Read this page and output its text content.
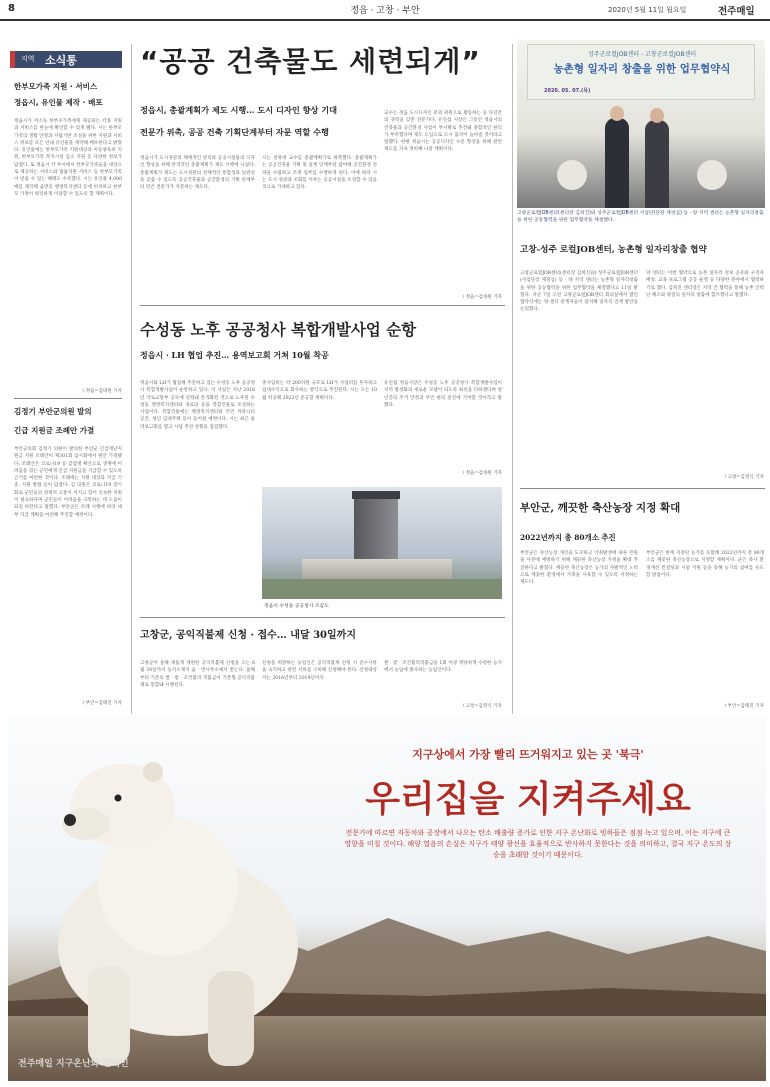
8	정읍 · 고창 · 부안	2020년 5월 11일 월요일	전주매일
지역 소식통
한부모가족 지원 · 서비스
정읍시, 유인물 제작 · 배포
정읍시가 저소득 한부모가족에게 제공되는 각종 지원과 서비스를 한눈에 확인할 수 있게 됐다. 시는 한부모가족의 생활 안정과 자립기반 조성을 위한 지원과 서비스 정보를 모은 안내 유인물을 제작해 배포한다고 밝혔다. 유인물에는 한부모가족 지원대상과 아동양육비 지원, 한부모가족 복지시설 입소 지원 등 다양한 정보가 담겼다. 또 정읍시 각 부서에서 한부모가족들을 대상으로 제공하는 서비스와 법률지원 서비스 등 한부모가족이 받을 수 있는 혜택도 수록했다. 시는 유인물 4,000매를 제작해 읍면동 행정복지센터 등에 비치하고 한부모 가정이 편리하게 이용할 수 있도록 할 계획이다.
/ 정읍=김대원 기자
김정기 부안군의원 발의
긴급 지원금 조례안 가결
부안군의회 김정기 의원이 발의한 부안군 긴급재난지원금 지원 조례안이 제301회 임시회에서 원안 가결됐다. 조례안은 코로나19 등 감염병 확산으로 생계에 어려움을 겪는 군민에게 긴급 지원금을 지급할 수 있도록 근거를 마련한 것이다. 조례에는 지원 대상과 지급 기준, 지원 방법 등이 담겼다. 김 의원은 코로나19 장기화로 군민들의 경제적 고통이 커지고 있어 신속한 지원이 필요하다며 군민들이 어려움을 극복하는 데 도움이 되길 바란다고 말했다. 부안군은 조례 시행에 따라 세부 지급 계획을 마련해 추진할 예정이다.
/ 부안=김태진 기자
“공공 건축물도 세련되게”
정읍시, 총괄계획가 제도 시행… 도시 디자인 향상 기대
전문가 위촉, 공공 건축 기획단계부터 자문 역할 수행
정읍시가 도시경관의 체계적인 관리와 공공시설물의 디자인 향상을 위해 본격적인 총괄계획가 제도 시행에 나섰다. 총괄계획가 제도는 도시경관의 전체적인 통합성과 일관성을 갖출 수 있도록 공공건축물과 공간환경의 기획 단계부터 민간 전문가가 자문하는 제도다.
시는 전북대 교수를 총괄계획가로 위촉했다. 총괄계획가는 공공건축물 기획 및 설계 단계부터 참여해 공간환경 전략을 수립하고 조정 업무를 수행하게 된다. 이에 따라 시는 도시 경관과 조화를 이루는 공공시설을 조성할 수 있을 것으로 기대하고 있다.
교수는 정읍 도시디자인 분과 위원으로 활동하는 등 다년간의 경력을 갖춘 전문가다. 유진섭 시장은 그동안 정읍시의 건축물과 공간환경 사업이 부서별로 추진돼 종합적인 관리가 부족했다며 제도 도입으로 도시 품격이 높아질 것이라고 말했다. 한편 정읍시는 공공디자인 수준 향상을 위해 관련 제도를 지속 정비해 나갈 계획이다.
/ 정읍=김대원 기자
성주군로컬JOB센터 - 고창군로컬JOB센터
농촌형 일자리 창출을 위한 업무협약식
2020. 05. 07.(목)
고창군로컬JOB센터(센터장 김희진)와 성주군로컬JOB센터 사업단(단장 제경심) 등 · 양 지역 센터는 농촌형 일자리창출을 위한 공동협력을 위한 업무협약을 체결했다.
고창-성주 로컬JOB센터, 농촌형 일자리창출 협약
고창군로컬JOB센터(센터장 김희진)와 성주군로컬JOB센터(사업단장 제경심) 등 · 양 지역 센터는 농촌형 일자리창출을 위한 공동협력을 위한 업무협약을 체결했다고 11일 밝혔다. 지난 7일 오전 고창군로컬JOB센터 회의실에서 열린 협약식에는 양 센터 관계자들이 참석해 일자리 연계 방안을 논의했다.
양 센터는 이번 협약으로 농촌 일자리 정보 공유와 구직자 매칭, 교육 프로그램 공동 운영 등 다양한 분야에서 협력하기로 했다. 김희진 센터장은 지역 간 협력을 통해 농촌 인력난 해소와 양질의 일자리 창출에 힘쓰겠다고 말했다.
/ 고창=김영식 기자
수성동 노후 공공청사 복합개발사업 순항
정읍시 · LH 협업 추진… 용역보고회 거쳐 10월 착공
정읍시와 LH가 협업해 추진하고 있는 수성동 노후 공공청사 복합개발사업이 순항하고 있다. 이 사업은 지난 2018년 국토교통부 공모에 선정돼 본격화된 것으로 노후된 수성동 행정복지센터와 경로당 등을 복합건물로 조성하는 사업이다. 복합건물에는 행정복지센터와 주민 커뮤니티 공간, 청년 임대주택 등이 들어설 예정이다. 시는 최근 용역보고회를 열고 사업 추진 상황을 점검했다.
총사업비는 약 200억원 규모로 LH가 사업비를 투자하고 임대수익으로 회수하는 방식으로 추진된다. 시는 오는 10월 착공해 2022년 준공할 계획이다.
유진섭 정읍시장은 수성동 노후 공공청사 복합개발사업이 지역 활성화의 새로운 모델이 되도록 최선을 다하겠다며 청년층의 주거 안정과 주민 편의 증진에 기여할 것이라고 말했다.
/ 정읍=김대원 기자
정읍시 수성동 공공청사 조감도
고창군, 공익직불제 신청 · 접수… 내달 30일까지
고창군이 올해 새롭게 개편된 공익직불제 신청을 오는 6월 30일까지 농지소재지 읍 · 면사무소에서 받는다. 올해부터 기존의 쌀 · 밭 · 조건불리 직불금이 기본형 공익직불제로 통합돼 시행된다.
신청을 희망하는 농업인은 공익직불제 신청 시 준수사항을 숙지하고 관련 서류를 구비해 신청해야 한다. 신청대상자는 2016년부터 2019년까지
쌀 · 밭 · 조건불리직불금을 1회 이상 정당하게 수령한 농지에서 농업에 종사하는 농업인이다.
/ 고창=김영식 기자
부안군, 깨끗한 축산농장 지정 확대
2022년까지 총 80개소 추진
부안군은 축산농장 개선을 도모하고 악취발생에 따른 민원을 사전에 예방하기 위해 깨끗한 축산농장 지정을 확대 추진한다고 밝혔다. 깨끗한 축산농장은 농가의 자발적인 노력으로 깨끗한 환경에서 가축을 사육할 수 있도록 지정하는 제도다.
부안군은 현재 지정된 농가를 포함해 2022년까지 총 80개소를 깨끗한 축산농장으로 지정할 계획이다. 군은 축사 환경개선 컨설팅과 시설 지원 등을 통해 농가의 참여를 유도할 방침이다.
/ 부안=김태진 기자
지구상에서 가장 빨리 뜨거워지고 있는 곳 '북극'
우리집을 지켜주세요
전문가에 따르면 자동차와 공장에서 나오는 탄소 배출량 증가로 인한 지구 온난화로 빙하들은 점점 녹고 있으며, 이는 지구에 큰 영향을 미칠 것이다. 해양 열음의 손실은 지구가 태양 광선을 효율적으로 반사하지 못한다는 것을 의미하고, 결국 지구 온도의 상승을 초래할 것이기 때문이다.
전주매일 지구온난화 캠페인
